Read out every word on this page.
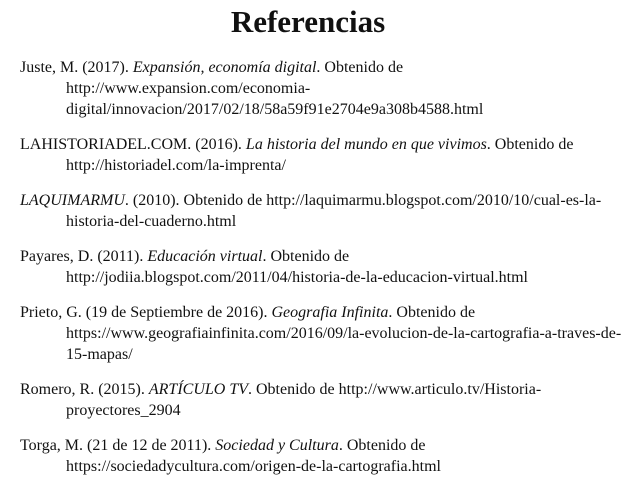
Referencias

Juste, M. (2017). Expansión, economía digital. Obtenido de
http://www.expansion.com/economia-digital/innovacion/2017/02/18/58a59f91e2704e9a308b4588.html

LAHISTORIADEL.COM. (2016). La historia del mundo en que vivimos. Obtenido de
http://historiadel.com/la-imprenta/

LAQUIMARMU. (2010). Obtenido de http://laquimarmu.blogspot.com/2010/10/cual-es-la-historia-del-cuaderno.html

Payares, D. (2011). Educación virtual. Obtenido de
http://jodiia.blogspot.com/2011/04/historia-de-la-educacion-virtual.html

Prieto, G. (19 de Septiembre de 2016). Geografia Infinita. Obtenido de
https://www.geografiainfinita.com/2016/09/la-evolucion-de-la-cartografia-a-traves-de-15-mapas/

Romero, R. (2015). ARTÍCULO TV. Obtenido de http://www.articulo.tv/Historia-proyectores_2904

Torga, M. (21 de 12 de 2011). Sociedad y Cultura. Obtenido de
https://sociedadycultura.com/origen-de-la-cartografia.html
